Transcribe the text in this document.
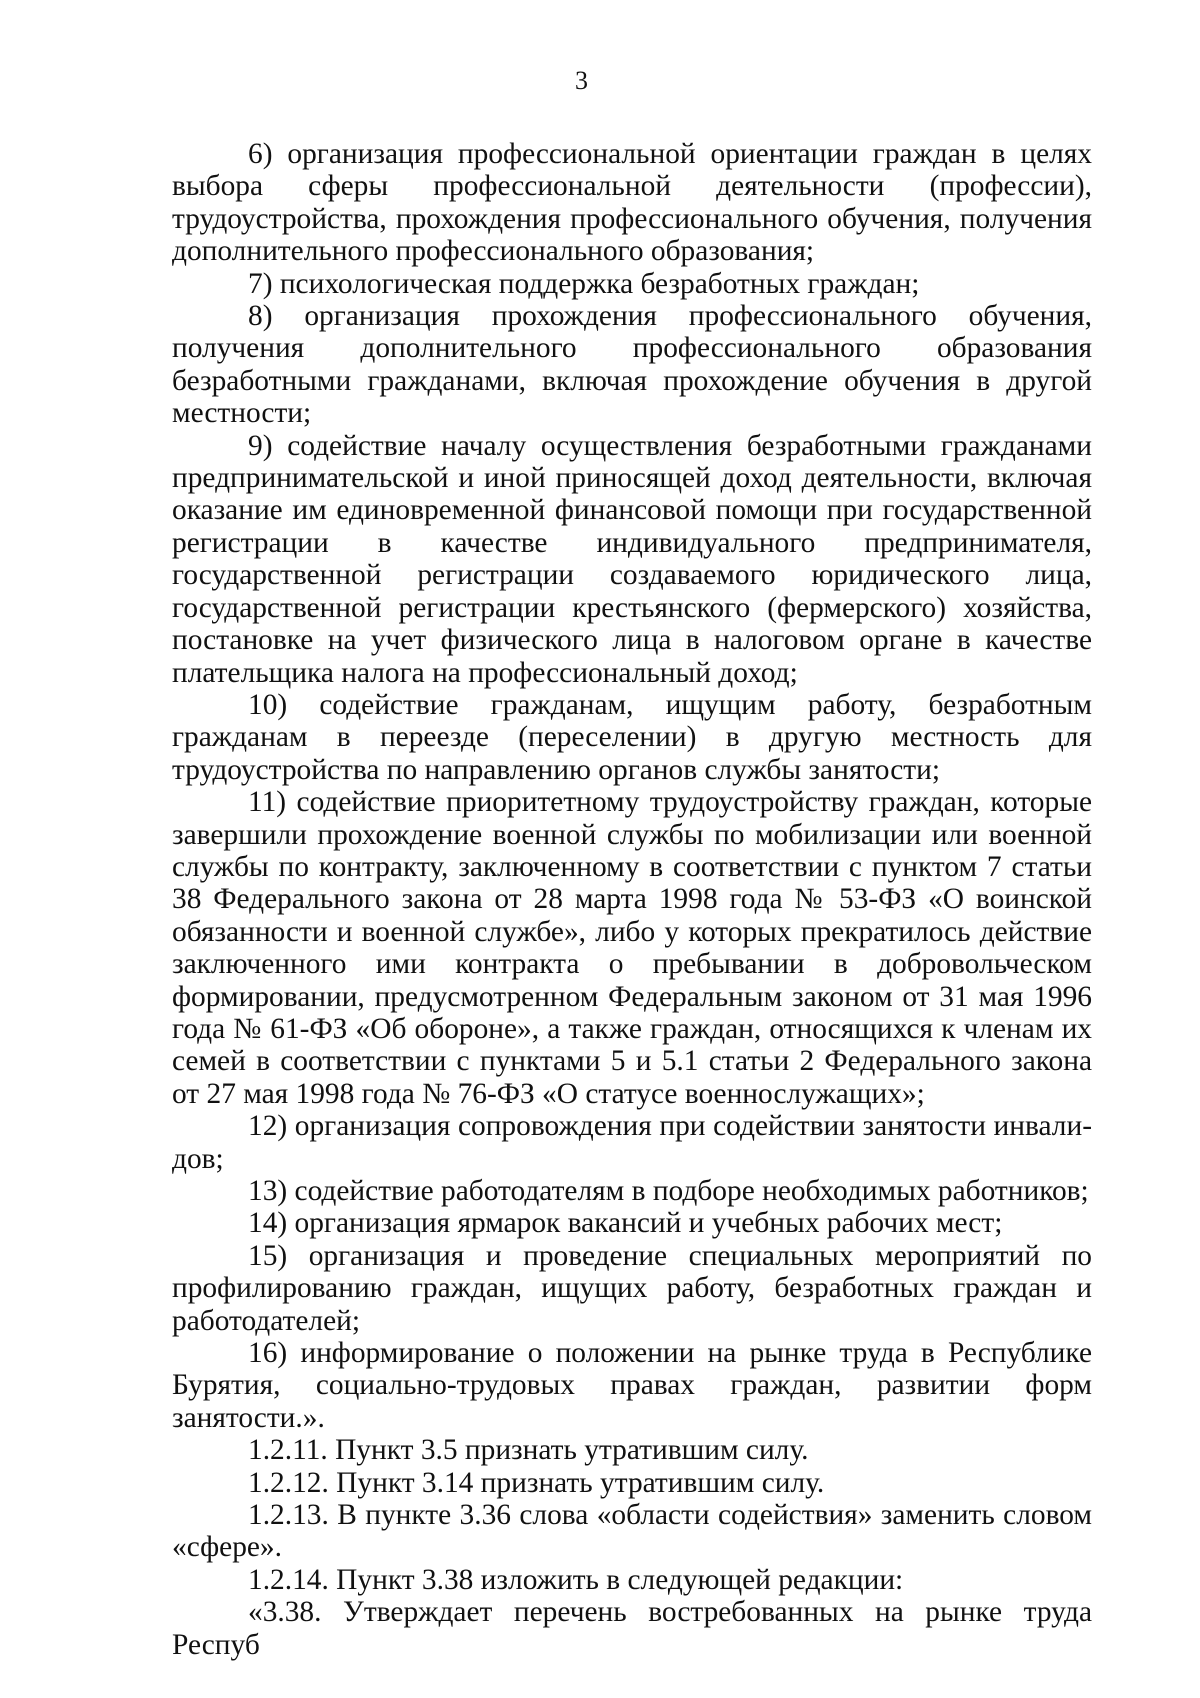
3

6) организация профессиональной ориентации граждан в целях выбора сферы профессиональной деятельности (профессии), трудоустройства, прохождения профессионального обучения, получения дополнительного профессионального образования;

7) психологическая поддержка безработных граждан;

8) организация прохождения профессионального обучения, получения дополнительного профессионального образования безработными гражданами, включая прохождение обучения в другой местности;

9) содействие началу осуществления безработными гражданами предпринимательской и иной приносящей доход деятельности, включая оказание им единовременной финансовой помощи при государственной регистрации в качестве индивидуального предпринимателя, государственной регистрации создаваемого юридического лица, государственной регистрации крестьянского (фермерского) хозяйства, постановке на учет физического лица в налоговом органе в качестве плательщика налога на профессиональный доход;

10) содействие гражданам, ищущим работу, безработным гражданам в переезде (переселении) в другую местность для трудоустройства по направлению органов службы занятости;

11) содействие приоритетному трудоустройству граждан, которые завершили прохождение военной службы по мобилизации или военной службы по контракту, заключенному в соответствии с пунктом 7 статьи 38 Федерального закона от 28 марта 1998 года № 53-ФЗ «О воинской обязанности и военной службе», либо у которых прекратилось действие заключенного ими контракта о пребывании в добровольческом формировании, предусмотренном Федеральным законом от 31 мая 1996 года № 61-ФЗ «Об обороне», а также граждан, относящихся к членам их семей в соответствии с пунктами 5 и 5.1 статьи 2 Федерального закона от 27 мая 1998 года № 76-ФЗ «О статусе военнослужащих»;

12) организация сопровождения при содействии занятости инвалидов;

13) содействие работодателям в подборе необходимых работников;

14) организация ярмарок вакансий и учебных рабочих мест;

15) организация и проведение специальных мероприятий по профилированию граждан, ищущих работу, безработных граждан и работодателей;

16) информирование о положении на рынке труда в Республике Бурятия, социально-трудовых правах граждан, развитии форм занятости.».

1.2.11. Пункт 3.5 признать утратившим силу.

1.2.12. Пункт 3.14 признать утратившим силу.

1.2.13. В пункте 3.36 слова «области содействия» заменить словом «сфере».

1.2.14. Пункт 3.38 изложить в следующей редакции:

«3.38. Утверждает перечень востребованных на рынке труда Респуб
